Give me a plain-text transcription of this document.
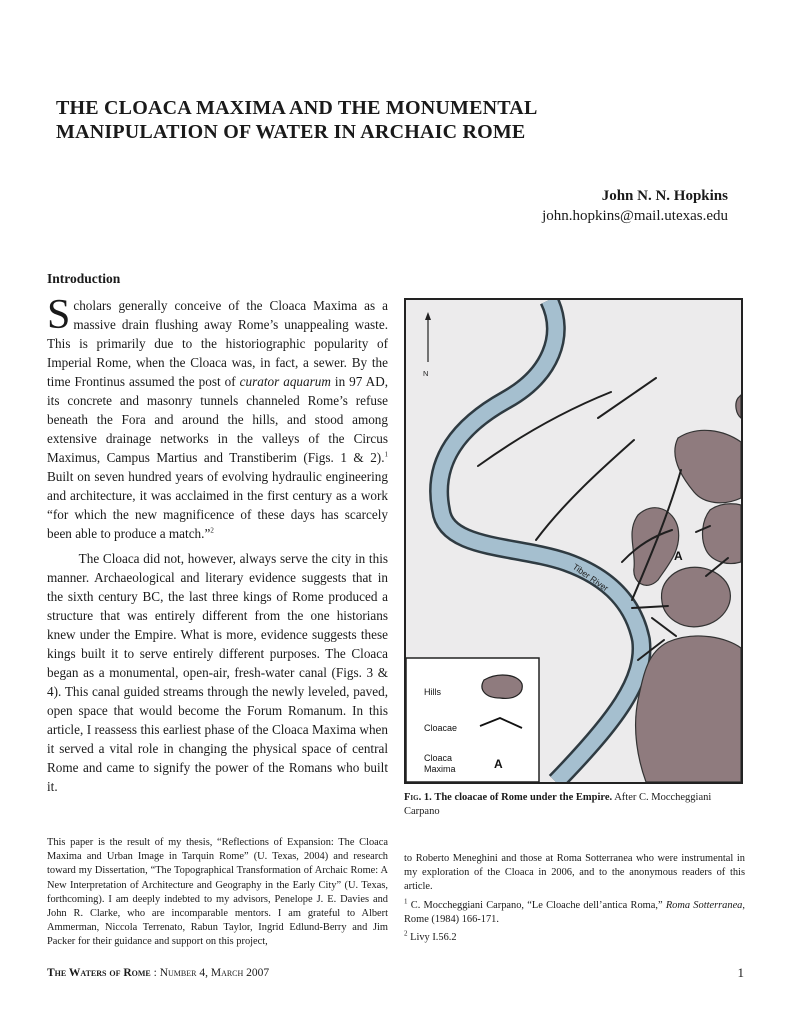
THE CLOACA MAXIMA AND THE MONUMENTAL
MANIPULATION OF WATER IN ARCHAIC ROME
John N. N. Hopkins
john.hopkins@mail.utexas.edu
Introduction

Scholars generally conceive of the Cloaca Maxima as a massive drain flushing away Rome’s unappealing waste. This is primarily due to the historiographic popularity of Imperial Rome, when the Cloaca was, in fact, a sewer. By the time Frontinus assumed the post of curator aquarum in 97 AD, its concrete and masonry tunnels channeled Rome’s refuse beneath the Fora and around the hills, and stood among extensive drainage networks in the valleys of the Circus Maximus, Campus Martius and Transtiberim (Figs. 1 & 2).$^1$ Built on seven hundred years of evolving hydraulic engineering and architecture, it was acclaimed in the first century as a work “for which the new magnificence of these days has scarcely been able to produce a match.”$^2$

The Cloaca did not, however, always serve the city in this manner. Archaeological and literary evidence suggests that in the sixth century BC, the last three kings of Rome produced a structure that was entirely different from the one historians knew under the Empire. What is more, evidence suggests these kings built it to serve entirely different purposes. The Cloaca began as a monumental, open-air, fresh-water canal (Figs. 3 & 4). This canal guided streams through the newly leveled, paved, open space that would become the Forum Romanum. In this article, I reassess this earliest phase of the Cloaca Maxima when it served a vital role in changing the physical space of central Rome and came to signify the power of the Romans who built it.

A
N
Tiber River
Hills
Cloacae
Cloaca
Maxima	A
Fig. 1. The cloacae of Rome under the Empire. After C. Moccheggiani Carpano
This paper is the result of my thesis, “Reflections of Expansion: The Cloaca Maxima and Urban Image in Tarquin Rome” (U. Texas, 2004) and research toward my Dissertation, “The Topographical Transformation of Archaic Rome: A New Interpretation of Architecture and Geography in the Early City” (U. Texas, forthcoming). I am deeply indebted to my advisors, Penelope J. E. Davies and John R. Clarke, who are incomparable mentors. I am grateful to Albert Ammerman, Niccola Terrenato, Rabun Taylor, Ingrid Edlund-Berry and Jim Packer for their guidance and support on this project,

to Roberto Meneghini and those at Roma Sotterranea who were instrumental in my exploration of the Cloaca in 2006, and to the anonymous readers of this article.

$^1$ C. Moccheggiani Carpano, “Le Cloache dell’antica Roma,” Roma Sotterranea, Rome (1984) 166-171.

$^2$ Livy I.56.2

The Waters of Rome : Number 4, March 2007	1
